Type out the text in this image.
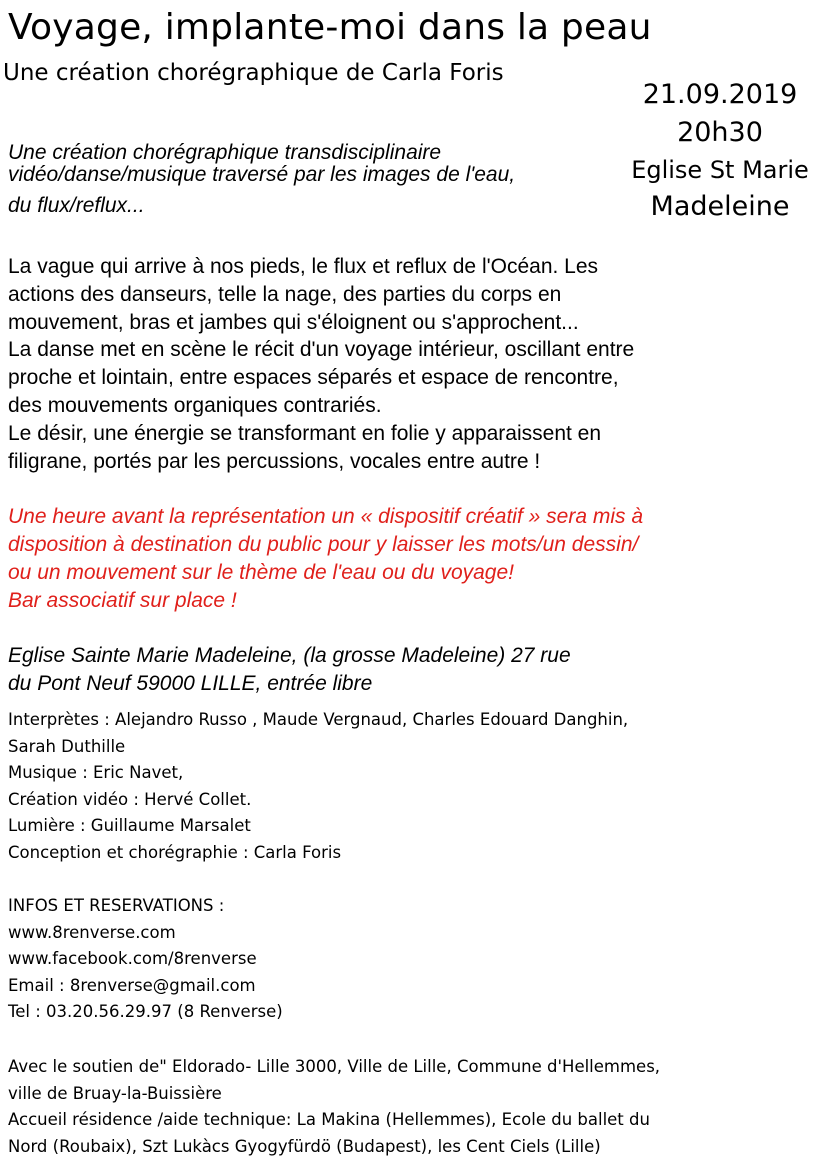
Voyage, implante-moi dans la peau
Une création chorégraphique de Carla Foris
21.09.2019
20h30
Eglise St Marie
Madeleine
Une création chorégraphique transdisciplinaire
vidéo/danse/musique traversé par les images de l'eau,
du flux/reflux...
La vague qui arrive à nos pieds, le flux et reflux de l'Océan. Les
actions des danseurs, telle la nage, des parties du corps en
mouvement, bras et jambes qui s'éloignent ou s'approchent...
La danse met en scène le récit d'un voyage intérieur, oscillant entre
proche et lointain, entre espaces séparés et espace de rencontre,
des mouvements organiques contrariés.
Le désir, une énergie se transformant en folie y apparaissent en
filigrane, portés par les percussions, vocales entre autre !
Une heure avant la représentation un « dispositif créatif » sera mis à
disposition à destination du public pour y laisser les mots/un dessin/
ou un mouvement sur le thème de l'eau ou du voyage!
Bar associatif sur place !
Eglise Sainte Marie Madeleine, (la grosse Madeleine) 27 rue
du Pont Neuf 59000 LILLE, entrée libre
Interprètes : Alejandro Russo , Maude Vergnaud, Charles Edouard Danghin,
Sarah Duthille
Musique : Eric Navet,
Création vidéo : Hervé Collet.
Lumière : Guillaume Marsalet
Conception et chorégraphie : Carla Foris
INFOS ET RESERVATIONS :
www.8renverse.com
www.facebook.com/8renverse
Email : 8renverse@gmail.com
Tel : 03.20.56.29.97 (8 Renverse)
Avec le soutien de" Eldorado- Lille 3000, Ville de Lille, Commune d'Hellemmes,
ville de Bruay-la-Buissière
Accueil résidence /aide technique: La Makina (Hellemmes), Ecole du ballet du
Nord (Roubaix), Szt Lukàcs Gyogyfürdö (Budapest), les Cent Ciels (Lille)
